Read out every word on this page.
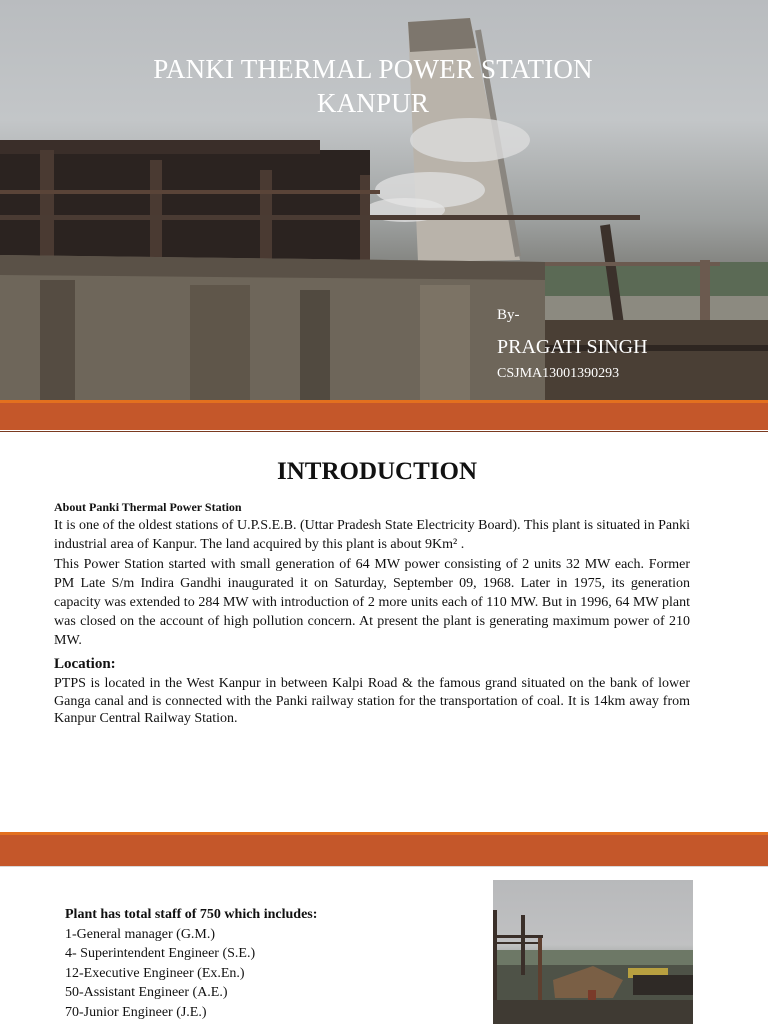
PANKI THERMAL POWER STATION
KANPUR
By-
PRAGATI SINGH
CSJMA13001390293
INTRODUCTION
About Panki Thermal Power Station
It is one of the oldest stations of U.P.S.E.B. (Uttar Pradesh State Electricity Board). This plant is situated in Panki industrial area of Kanpur. The land acquired by this plant is about 9Km² .
This Power Station started with small generation of 64 MW power consisting of 2 units 32 MW each. Former PM Late S/m Indira Gandhi inaugurated it on Saturday, September 09, 1968. Later in 1975, its generation capacity was extended to 284 MW with introduction of 2 more units each of 110 MW. But in 1996, 64 MW plant was closed on the account of high pollution concern. At present the plant is generating maximum power of 210 MW.
Location:
PTPS is located in the West Kanpur in between Kalpi Road & the famous grand situated on the bank of lower Ganga canal and is connected with the Panki railway station for the transportation of coal. It is 14km away from Kanpur Central Railway Station.
Plant has total staff of 750 which includes:
1-General manager (G.M.)
4- Superintendent Engineer (S.E.)
12-Executive Engineer (Ex.En.)
50-Assistant Engineer (A.E.)
70-Junior Engineer (J.E.)
